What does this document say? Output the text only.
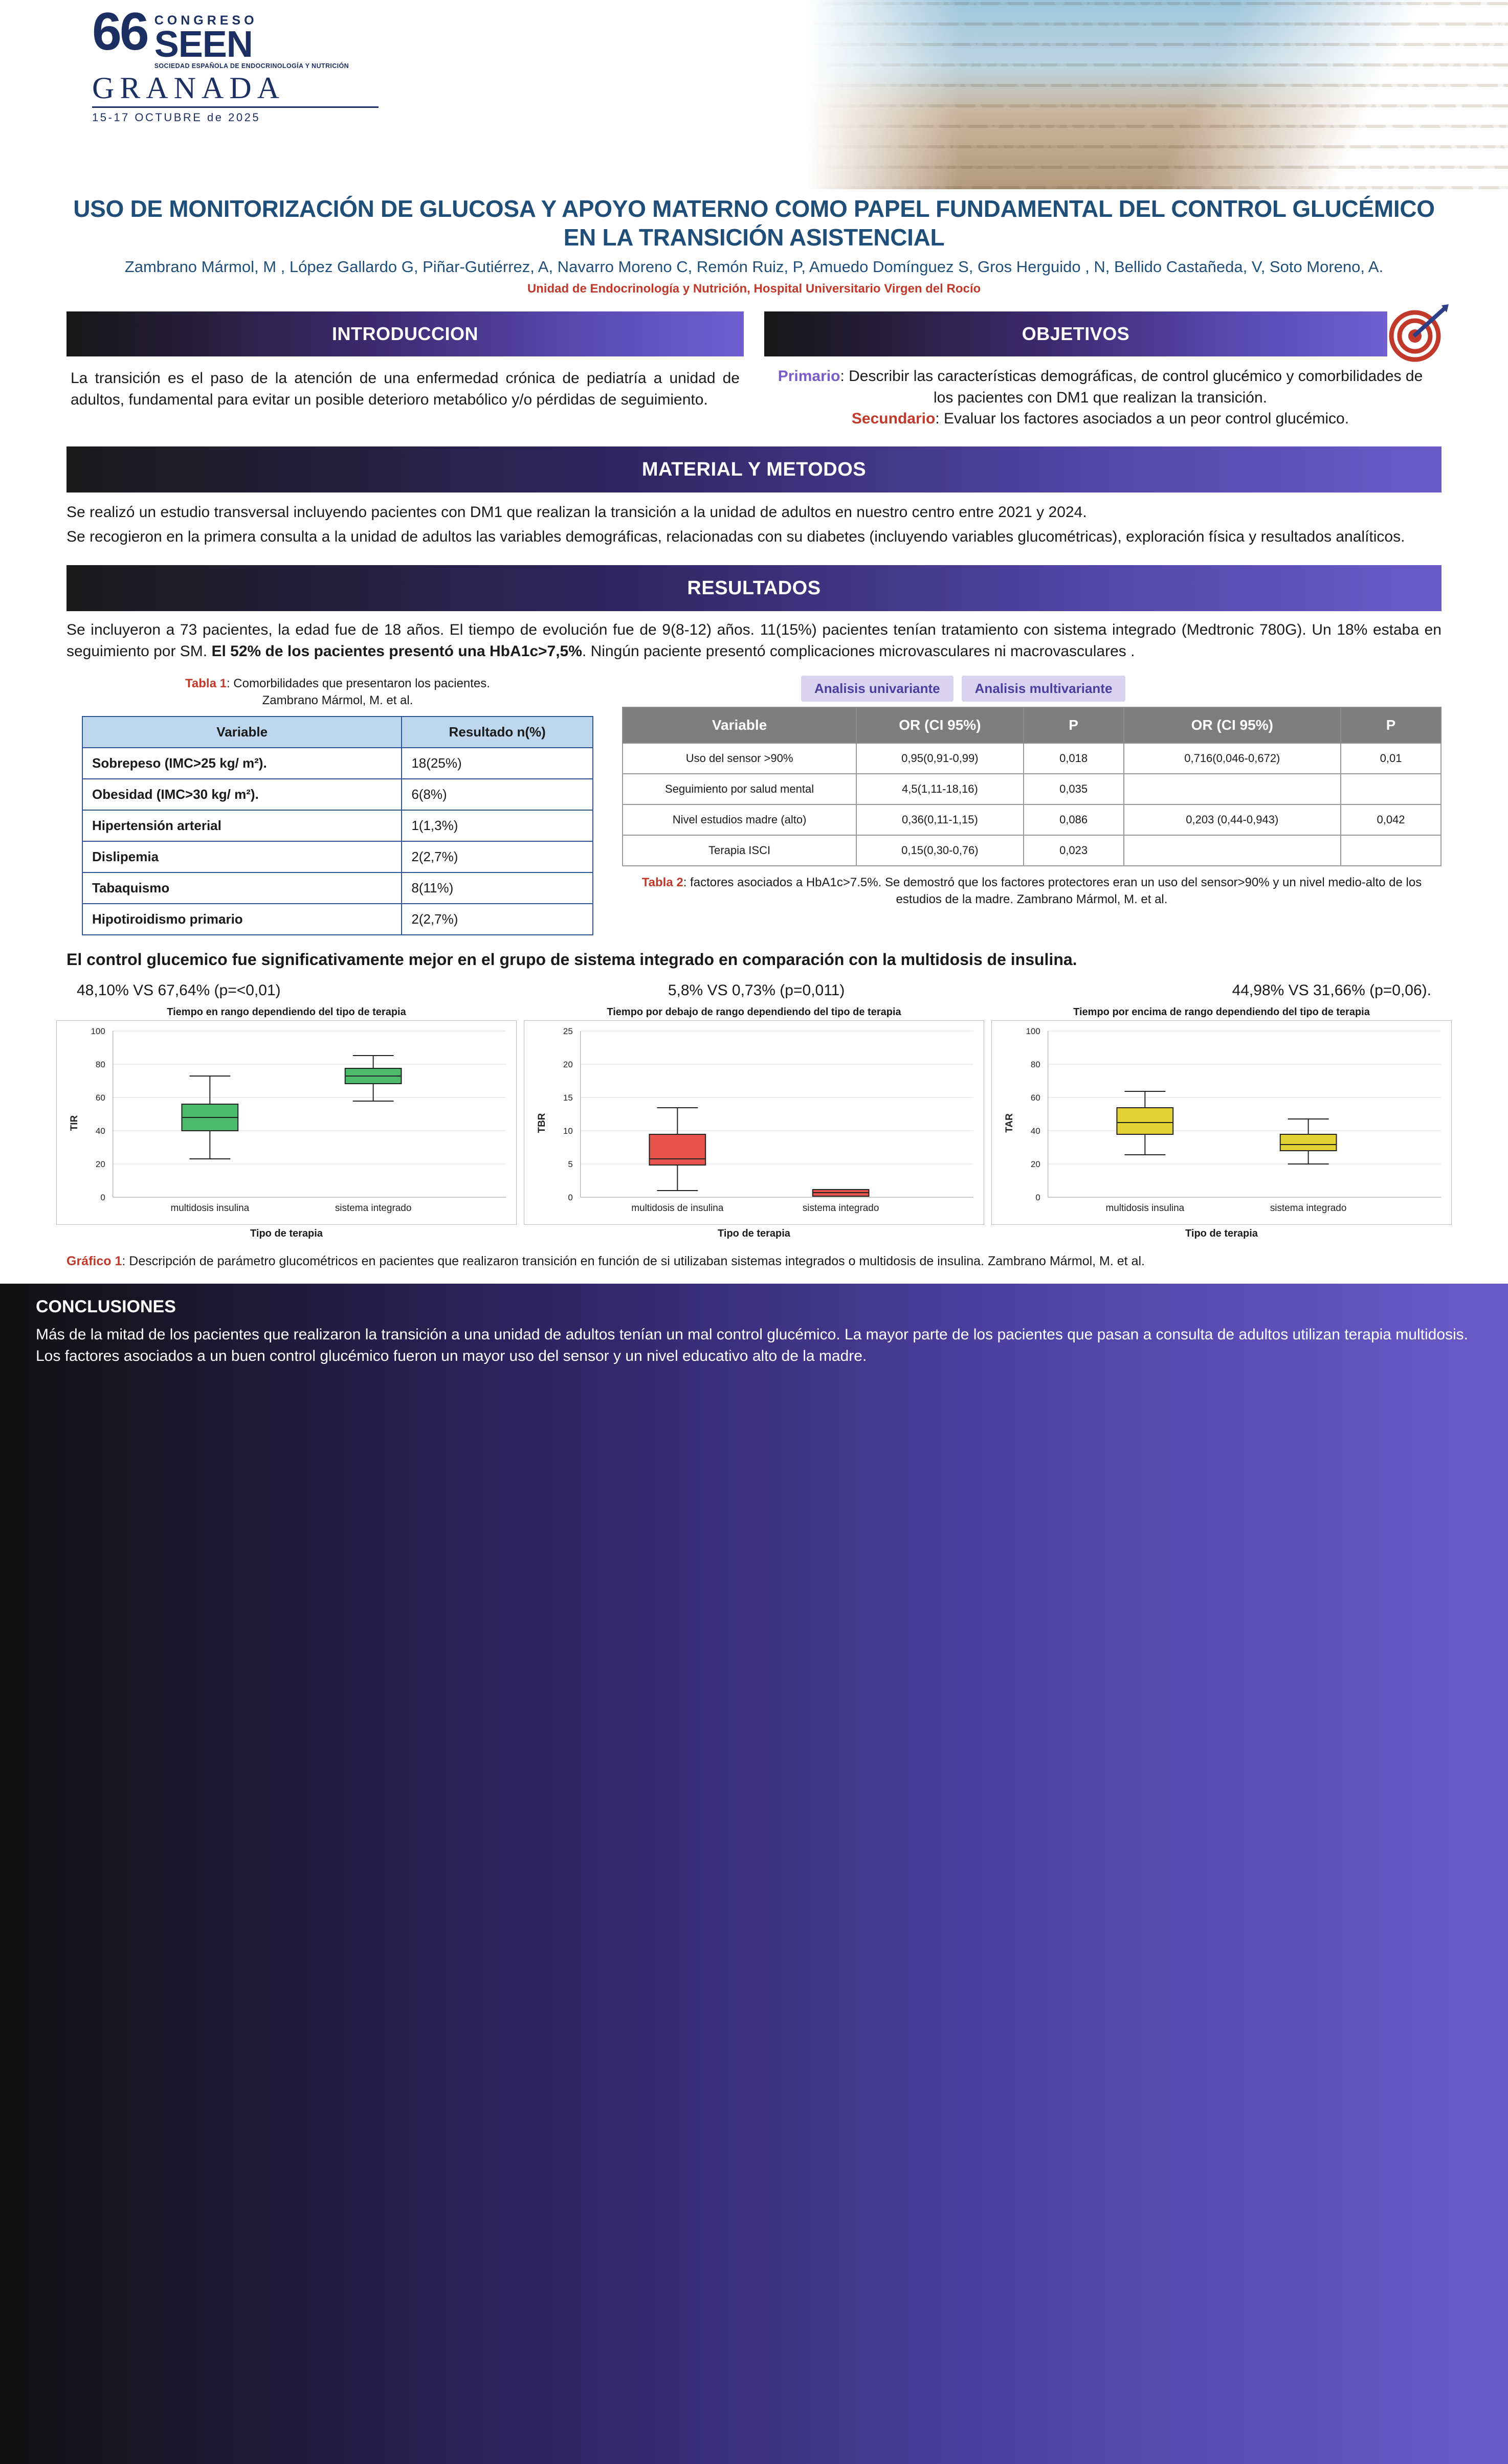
66 CONGRESO
SEEN
SOCIEDAD ESPAÑOLA DE ENDOCRINOLOGÍA Y NUTRICIÓN
GRANADA
15-17 OCTUBRE de 2025
USO DE MONITORIZACIÓN DE GLUCOSA Y APOYO MATERNO COMO PAPEL FUNDAMENTAL DEL CONTROL GLUCÉMICO EN LA TRANSICIÓN ASISTENCIAL
Zambrano Mármol, M , López Gallardo G, Piñar-Gutiérrez, A, Navarro Moreno C, Remón Ruiz, P, Amuedo Domínguez S, Gros Herguido , N, Bellido Castañeda, V, Soto Moreno, A.
Unidad de Endocrinología y Nutrición, Hospital Universitario Virgen del Rocío
INTRODUCCION
La transición es el paso de la atención de una enfermedad crónica de pediatría a unidad de adultos, fundamental para evitar un posible deterioro metabólico y/o pérdidas de seguimiento.
OBJETIVOS
Primario: Describir las características demográficas, de control glucémico y comorbilidades de los pacientes con DM1 que realizan la transición.
Secundario: Evaluar los factores asociados a un peor control glucémico.
MATERIAL Y METODOS
Se realizó un estudio transversal incluyendo pacientes con DM1 que realizan la transición a la unidad de adultos en nuestro centro entre 2021 y 2024.
Se recogieron en la primera consulta a la unidad de adultos las variables demográficas, relacionadas con su diabetes (incluyendo variables glucométricas), exploración física y resultados analíticos.
RESULTADOS
Se incluyeron a 73 pacientes, la edad fue de 18 años. El tiempo de evolución fue de 9(8-12) años. 11(15%) pacientes tenían tratamiento con sistema integrado (Medtronic 780G). Un 18% estaba en seguimiento por SM. El 52% de los pacientes presentó una HbA1c>7,5%. Ningún paciente presentó complicaciones microvasculares ni macrovasculares .
Tabla 1: Comorbilidades que presentaron los pacientes.
Zambrano Mármol, M. et al.
Variable	Resultado n(%)
Sobrepeso (IMC>25 kg/ m²).	18(25%)
Obesidad (IMC>30 kg/ m²).	6(8%)
Hipertensión arterial	1(1,3%)
Dislipemia	2(2,7%)
Tabaquismo	8(11%)
Hipotiroidismo primario	2(2,7%)
Analisis univariante	Analisis multivariante
Variable	OR (CI 95%)	P	OR (CI 95%)	P
Uso del sensor >90%	0,95(0,91-0,99)	0,018	0,716(0,046-0,672)	0,01
Seguimiento por salud mental	4,5(1,11-18,16)	0,035		
Nivel estudios madre (alto)	0,36(0,11-1,15)	0,086	0,203 (0,44-0,943)	0,042
Terapia ISCI	0,15(0,30-0,76)	0,023		
Tabla 2: factores asociados a HbA1c>7.5%. Se demostró que los factores protectores eran un uso del sensor>90% y un nivel medio-alto de los estudios de la madre. Zambrano Mármol, M. et al.
El control glucemico fue significativamente mejor en el grupo de sistema integrado en comparación con la multidosis de insulina.
48,10% VS 67,64% (p=<0,01)	5,8% VS 0,73% (p=0,011)	44,98% VS 31,66% (p=0,06).
Tiempo en rango dependiendo del tipo de terapia
100
80
60
40
20
0
TIR
multidosis insulina	sistema integrado
Tipo de terapia
Tiempo por debajo de rango dependiendo del tipo de terapia
25
20
15
10
5
0
TBR
multidosis de insulina	sistema integrado
Tipo de terapia
Tiempo por encima de rango dependiendo del tipo de terapia
100
80
60
40
20
0
TAR
multidosis insulina	sistema integrado
Tipo de terapia
Gráfico 1: Descripción de parámetro glucométricos en pacientes que realizaron transición en función de si utilizaban sistemas integrados o multidosis de insulina. Zambrano Mármol, M. et al.
CONCLUSIONES
Más de la mitad de los pacientes que realizaron la transición a una unidad de adultos tenían un mal control glucémico. La mayor parte de los pacientes que pasan a consulta de adultos utilizan terapia multidosis. Los factores asociados a un buen control glucémico fueron un mayor uso del sensor y un nivel educativo alto de la madre.
